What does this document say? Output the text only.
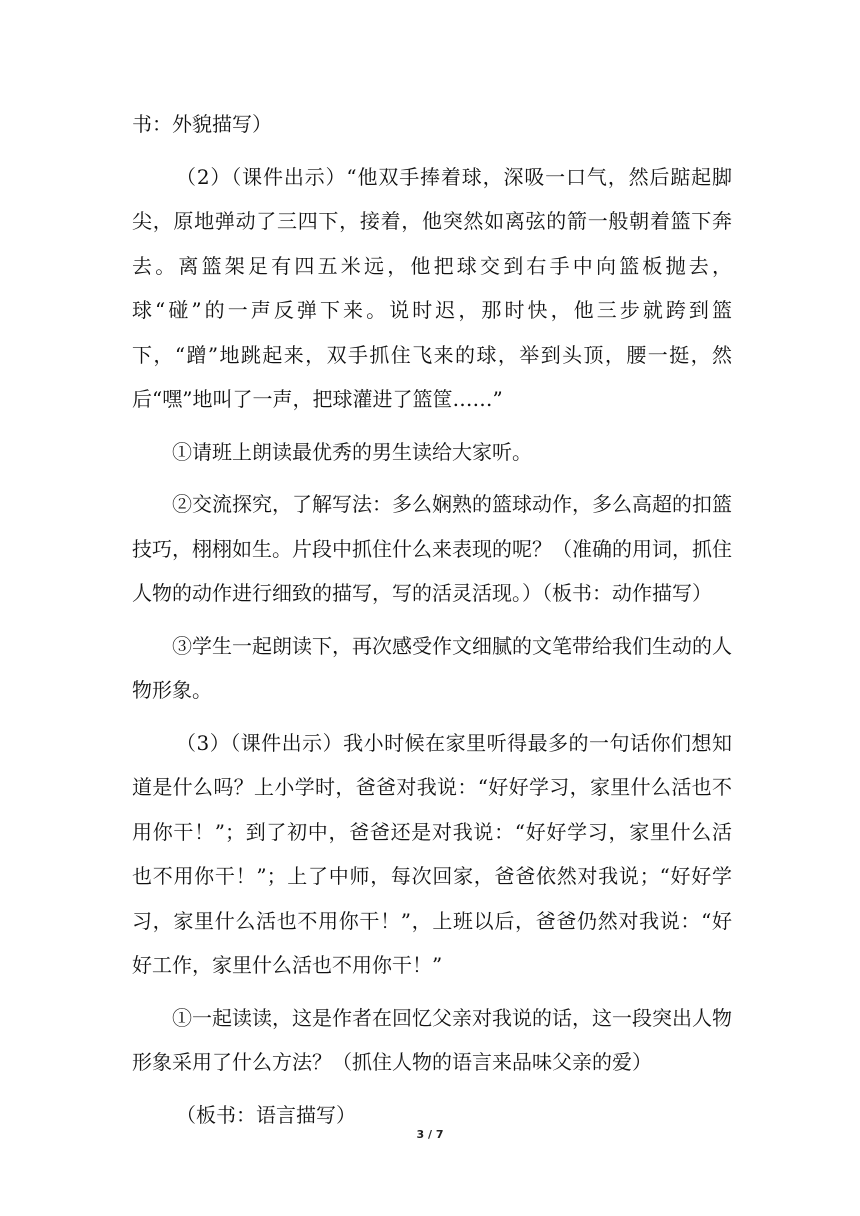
书：外貌描写）

（2）（课件出示）“他双手捧着球，深吸一口气，然后踮起脚尖，原地弹动了三四下，接着，他突然如离弦的箭一般朝着篮下奔去。离篮架足有四五米远，他把球交到右手中向篮板抛去，球“碰”的一声反弹下来。说时迟，那时快，他三步就跨到篮下，“蹭”地跳起来，双手抓住飞来的球，举到头顶，腰一挺，然后“嘿”地叫了一声，把球灌进了篮筐……”

①请班上朗读最优秀的男生读给大家听。

②交流探究，了解写法：多么娴熟的篮球动作，多么高超的扣篮技巧，栩栩如生。片段中抓住什么来表现的呢？（准确的用词，抓住人物的动作进行细致的描写，写的活灵活现。）（板书：动作描写）

③学生一起朗读下，再次感受作文细腻的文笔带给我们生动的人物形象。

（3）（课件出示）我小时候在家里听得最多的一句话你们想知道是什么吗？上小学时，爸爸对我说：“好好学习，家里什么活也不用你干！”；到了初中，爸爸还是对我说：“好好学习，家里什么活也不用你干！”；上了中师，每次回家，爸爸依然对我说；“好好学习，家里什么活也不用你干！”，上班以后，爸爸仍然对我说：“好好工作，家里什么活也不用你干！”

①一起读读，这是作者在回忆父亲对我说的话，这一段突出人物形象采用了什么方法？（抓住人物的语言来品味父亲的爱）

（板书：语言描写）

3 / 7
